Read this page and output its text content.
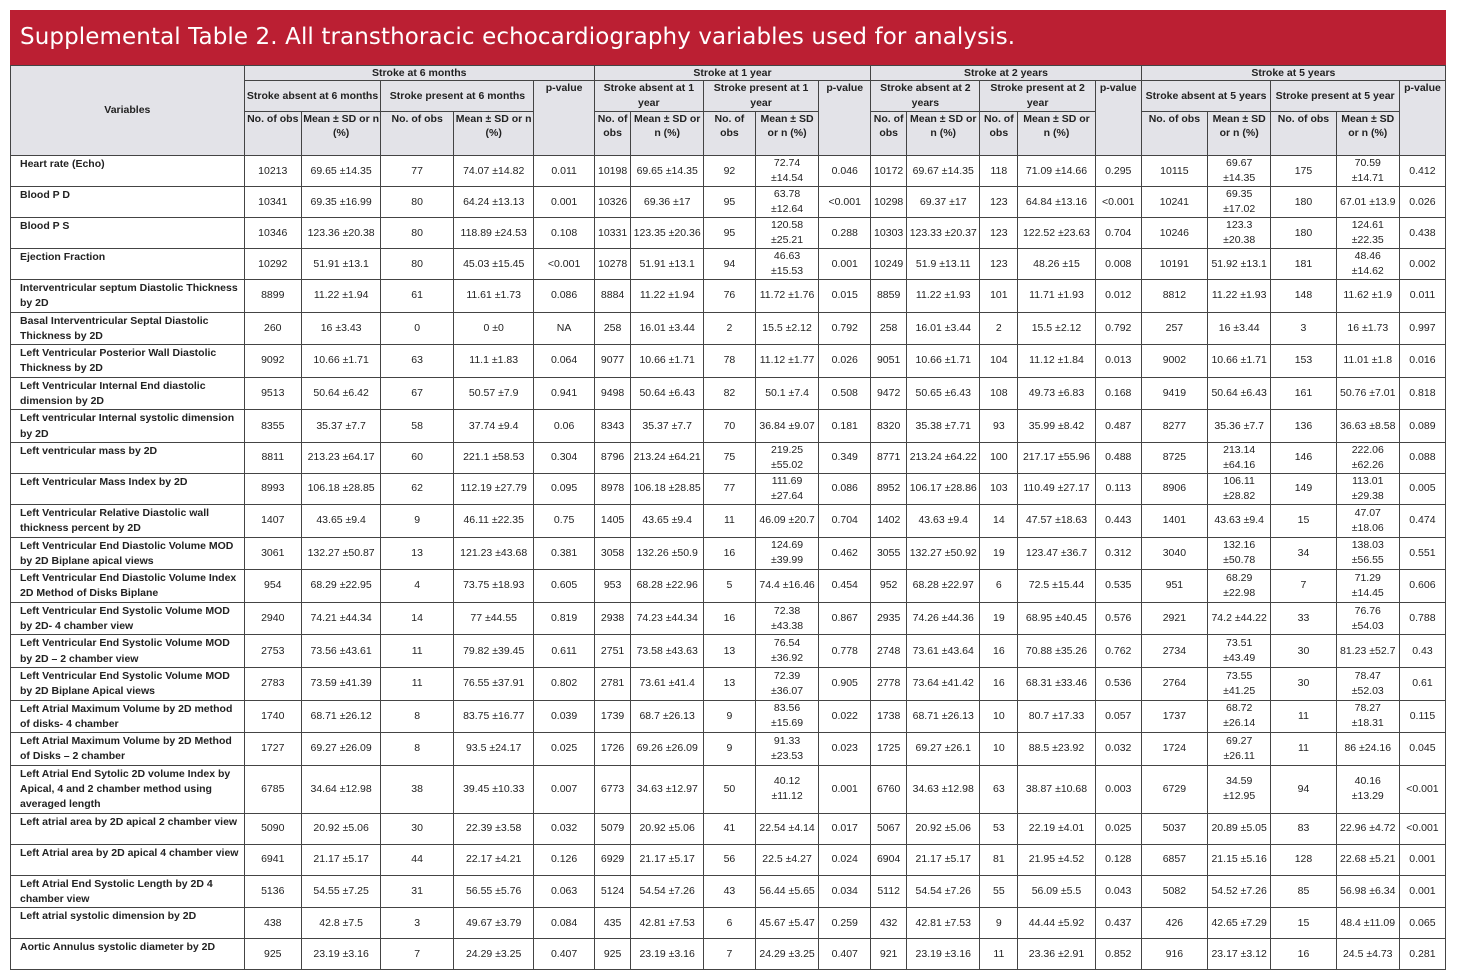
Supplemental Table 2. All transthoracic echocardiography variables used for analysis.
Variables	Stroke at 6 months					Stroke at 1 year					Stroke at 2 years					Stroke at 5 years				
	Stroke absent at 6 months		Stroke present at 6 months		p-value	Stroke absent at 1 year		Stroke present at 1 year		p-value	Stroke absent at 2 years		Stroke present at 2 year		p-value	Stroke absent at 5 years		Stroke present at 5 year		p-value
	No. of obs	Mean ± SD or n (%)	No. of obs	Mean ± SD or n (%)		No. of obs	Mean ± SD or n (%)	No. of obs	Mean ± SD or n (%)		No. of obs	Mean ± SD or n (%)	No. of obs	Mean ± SD or n (%)		No. of obs	Mean ± SD or n (%)	No. of obs	Mean ± SD or n (%)	
Heart rate (Echo)	10213	69.65 ±14.35	77	74.07 ±14.82	0.011	10198	69.65 ±14.35	92	72.74 ±14.54	0.046	10172	69.67 ±14.35	118	71.09 ±14.66	0.295	10115	69.67 ±14.35	175	70.59 ±14.71	0.412
Blood P D	10341	69.35 ±16.99	80	64.24 ±13.13	0.001	10326	69.36 ±17	95	63.78 ±12.64	<0.001	10298	69.37 ±17	123	64.84 ±13.16	<0.001	10241	69.35 ±17.02	180	67.01 ±13.9	0.026
Blood P S	10346	123.36 ±20.38	80	118.89 ±24.53	0.108	10331	123.35 ±20.36	95	120.58 ±25.21	0.288	10303	123.33 ±20.37	123	122.52 ±23.63	0.704	10246	123.3 ±20.38	180	124.61 ±22.35	0.438
Ejection Fraction	10292	51.91 ±13.1	80	45.03 ±15.45	<0.001	10278	51.91 ±13.1	94	46.63 ±15.53	0.001	10249	51.9 ±13.11	123	48.26 ±15	0.008	10191	51.92 ±13.1	181	48.46 ±14.62	0.002
Interventricular septum Diastolic Thickness by 2D	8899	11.22 ±1.94	61	11.61 ±1.73	0.086	8884	11.22 ±1.94	76	11.72 ±1.76	0.015	8859	11.22 ±1.93	101	11.71 ±1.93	0.012	8812	11.22 ±1.93	148	11.62 ±1.9	0.011
Basal Interventricular Septal Diastolic Thickness by 2D	260	16 ±3.43	0	0 ±0	NA	258	16.01 ±3.44	2	15.5 ±2.12	0.792	258	16.01 ±3.44	2	15.5 ±2.12	0.792	257	16 ±3.44	3	16 ±1.73	0.997
Left Ventricular Posterior Wall Diastolic Thickness by 2D	9092	10.66 ±1.71	63	11.1 ±1.83	0.064	9077	10.66 ±1.71	78	11.12 ±1.77	0.026	9051	10.66 ±1.71	104	11.12 ±1.84	0.013	9002	10.66 ±1.71	153	11.01 ±1.8	0.016
Left Ventricular Internal End diastolic dimension by 2D	9513	50.64 ±6.42	67	50.57 ±7.9	0.941	9498	50.64 ±6.43	82	50.1 ±7.4	0.508	9472	50.65 ±6.43	108	49.73 ±6.83	0.168	9419	50.64 ±6.43	161	50.76 ±7.01	0.818
Left ventricular Internal systolic dimension by 2D	8355	35.37 ±7.7	58	37.74 ±9.4	0.06	8343	35.37 ±7.7	70	36.84 ±9.07	0.181	8320	35.38 ±7.71	93	35.99 ±8.42	0.487	8277	35.36 ±7.7	136	36.63 ±8.58	0.089
Left ventricular mass by 2D	8811	213.23 ±64.17	60	221.1 ±58.53	0.304	8796	213.24 ±64.21	75	219.25 ±55.02	0.349	8771	213.24 ±64.22	100	217.17 ±55.96	0.488	8725	213.14 ±64.16	146	222.06 ±62.26	0.088
Left Ventricular Mass Index by 2D	8993	106.18 ±28.85	62	112.19 ±27.79	0.095	8978	106.18 ±28.85	77	111.69 ±27.64	0.086	8952	106.17 ±28.86	103	110.49 ±27.17	0.113	8906	106.11 ±28.82	149	113.01 ±29.38	0.005
Left Ventricular Relative Diastolic wall thickness percent by 2D	1407	43.65 ±9.4	9	46.11 ±22.35	0.75	1405	43.65 ±9.4	11	46.09 ±20.7	0.704	1402	43.63 ±9.4	14	47.57 ±18.63	0.443	1401	43.63 ±9.4	15	47.07 ±18.06	0.474
Left Ventricular End Diastolic Volume MOD by 2D Biplane apical views	3061	132.27 ±50.87	13	121.23 ±43.68	0.381	3058	132.26 ±50.9	16	124.69 ±39.99	0.462	3055	132.27 ±50.92	19	123.47 ±36.7	0.312	3040	132.16 ±50.78	34	138.03 ±56.55	0.551
Left Ventricular End Diastolic Volume Index 2D Method of Disks Biplane	954	68.29 ±22.95	4	73.75 ±18.93	0.605	953	68.28 ±22.96	5	74.4 ±16.46	0.454	952	68.28 ±22.97	6	72.5 ±15.44	0.535	951	68.29 ±22.98	7	71.29 ±14.45	0.606
Left Ventricular End Systolic Volume MOD by 2D- 4 chamber view	2940	74.21 ±44.34	14	77 ±44.55	0.819	2938	74.23 ±44.34	16	72.38 ±43.38	0.867	2935	74.26 ±44.36	19	68.95 ±40.45	0.576	2921	74.2 ±44.22	33	76.76 ±54.03	0.788
Left Ventricular End Systolic Volume MOD by 2D – 2 chamber view	2753	73.56 ±43.61	11	79.82 ±39.45	0.611	2751	73.58 ±43.63	13	76.54 ±36.92	0.778	2748	73.61 ±43.64	16	70.88 ±35.26	0.762	2734	73.51 ±43.49	30	81.23 ±52.7	0.43
Left Ventricular End Systolic Volume MOD by 2D Biplane Apical views	2783	73.59 ±41.39	11	76.55 ±37.91	0.802	2781	73.61 ±41.4	13	72.39 ±36.07	0.905	2778	73.64 ±41.42	16	68.31 ±33.46	0.536	2764	73.55 ±41.25	30	78.47 ±52.03	0.61
Left Atrial Maximum Volume by 2D method of disks- 4 chamber	1740	68.71 ±26.12	8	83.75 ±16.77	0.039	1739	68.7 ±26.13	9	83.56 ±15.69	0.022	1738	68.71 ±26.13	10	80.7 ±17.33	0.057	1737	68.72 ±26.14	11	78.27 ±18.31	0.115
Left Atrial Maximum Volume by 2D Method of Disks – 2 chamber	1727	69.27 ±26.09	8	93.5 ±24.17	0.025	1726	69.26 ±26.09	9	91.33 ±23.53	0.023	1725	69.27 ±26.1	10	88.5 ±23.92	0.032	1724	69.27 ±26.11	11	86 ±24.16	0.045
Left Atrial End Sytolic 2D volume Index by Apical, 4 and 2 chamber method using averaged length	6785	34.64 ±12.98	38	39.45 ±10.33	0.007	6773	34.63 ±12.97	50	40.12 ±11.12	0.001	6760	34.63 ±12.98	63	38.87 ±10.68	0.003	6729	34.59 ±12.95	94	40.16 ±13.29	<0.001
Left atrial area by 2D apical 2 chamber view	5090	20.92 ±5.06	30	22.39 ±3.58	0.032	5079	20.92 ±5.06	41	22.54 ±4.14	0.017	5067	20.92 ±5.06	53	22.19 ±4.01	0.025	5037	20.89 ±5.05	83	22.96 ±4.72	<0.001
Left Atrial area by 2D apical 4 chamber view	6941	21.17 ±5.17	44	22.17 ±4.21	0.126	6929	21.17 ±5.17	56	22.5 ±4.27	0.024	6904	21.17 ±5.17	81	21.95 ±4.52	0.128	6857	21.15 ±5.16	128	22.68 ±5.21	0.001
Left Atrial End Systolic Length by 2D 4 chamber view	5136	54.55 ±7.25	31	56.55 ±5.76	0.063	5124	54.54 ±7.26	43	56.44 ±5.65	0.034	5112	54.54 ±7.26	55	56.09 ±5.5	0.043	5082	54.52 ±7.26	85	56.98 ±6.34	0.001
Left atrial systolic dimension by 2D	438	42.8 ±7.5	3	49.67 ±3.79	0.084	435	42.81 ±7.53	6	45.67 ±5.47	0.259	432	42.81 ±7.53	9	44.44 ±5.92	0.437	426	42.65 ±7.29	15	48.4 ±11.09	0.065
Aortic Annulus systolic diameter by 2D	925	23.19 ±3.16	7	24.29 ±3.25	0.407	925	23.19 ±3.16	7	24.29 ±3.25	0.407	921	23.19 ±3.16	11	23.36 ±2.91	0.852	916	23.17 ±3.12	16	24.5 ±4.73	0.281
